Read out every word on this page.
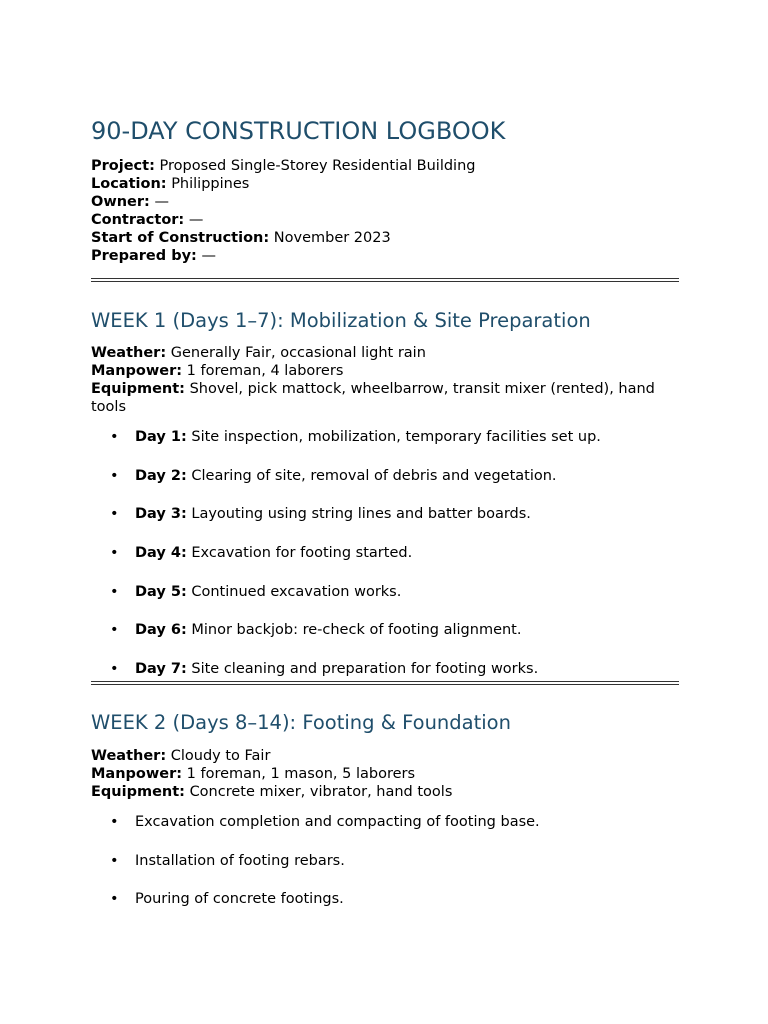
90-DAY CONSTRUCTION LOGBOOK
Project: Proposed Single-Storey Residential Building
Location: Philippines
Owner: —
Contractor: —
Start of Construction: November 2023
Prepared by: —
WEEK 1 (Days 1–7): Mobilization & Site Preparation
Weather: Generally Fair, occasional light rain
Manpower: 1 foreman, 4 laborers
Equipment: Shovel, pick mattock, wheelbarrow, transit mixer (rented), hand tools
• Day 1: Site inspection, mobilization, temporary facilities set up.
• Day 2: Clearing of site, removal of debris and vegetation.
• Day 3: Layouting using string lines and batter boards.
• Day 4: Excavation for footing started.
• Day 5: Continued excavation works.
• Day 6: Minor backjob: re-check of footing alignment.
• Day 7: Site cleaning and preparation for footing works.
WEEK 2 (Days 8–14): Footing & Foundation
Weather: Cloudy to Fair
Manpower: 1 foreman, 1 mason, 5 laborers
Equipment: Concrete mixer, vibrator, hand tools
• Excavation completion and compacting of footing base.
• Installation of footing rebars.
• Pouring of concrete footings.
